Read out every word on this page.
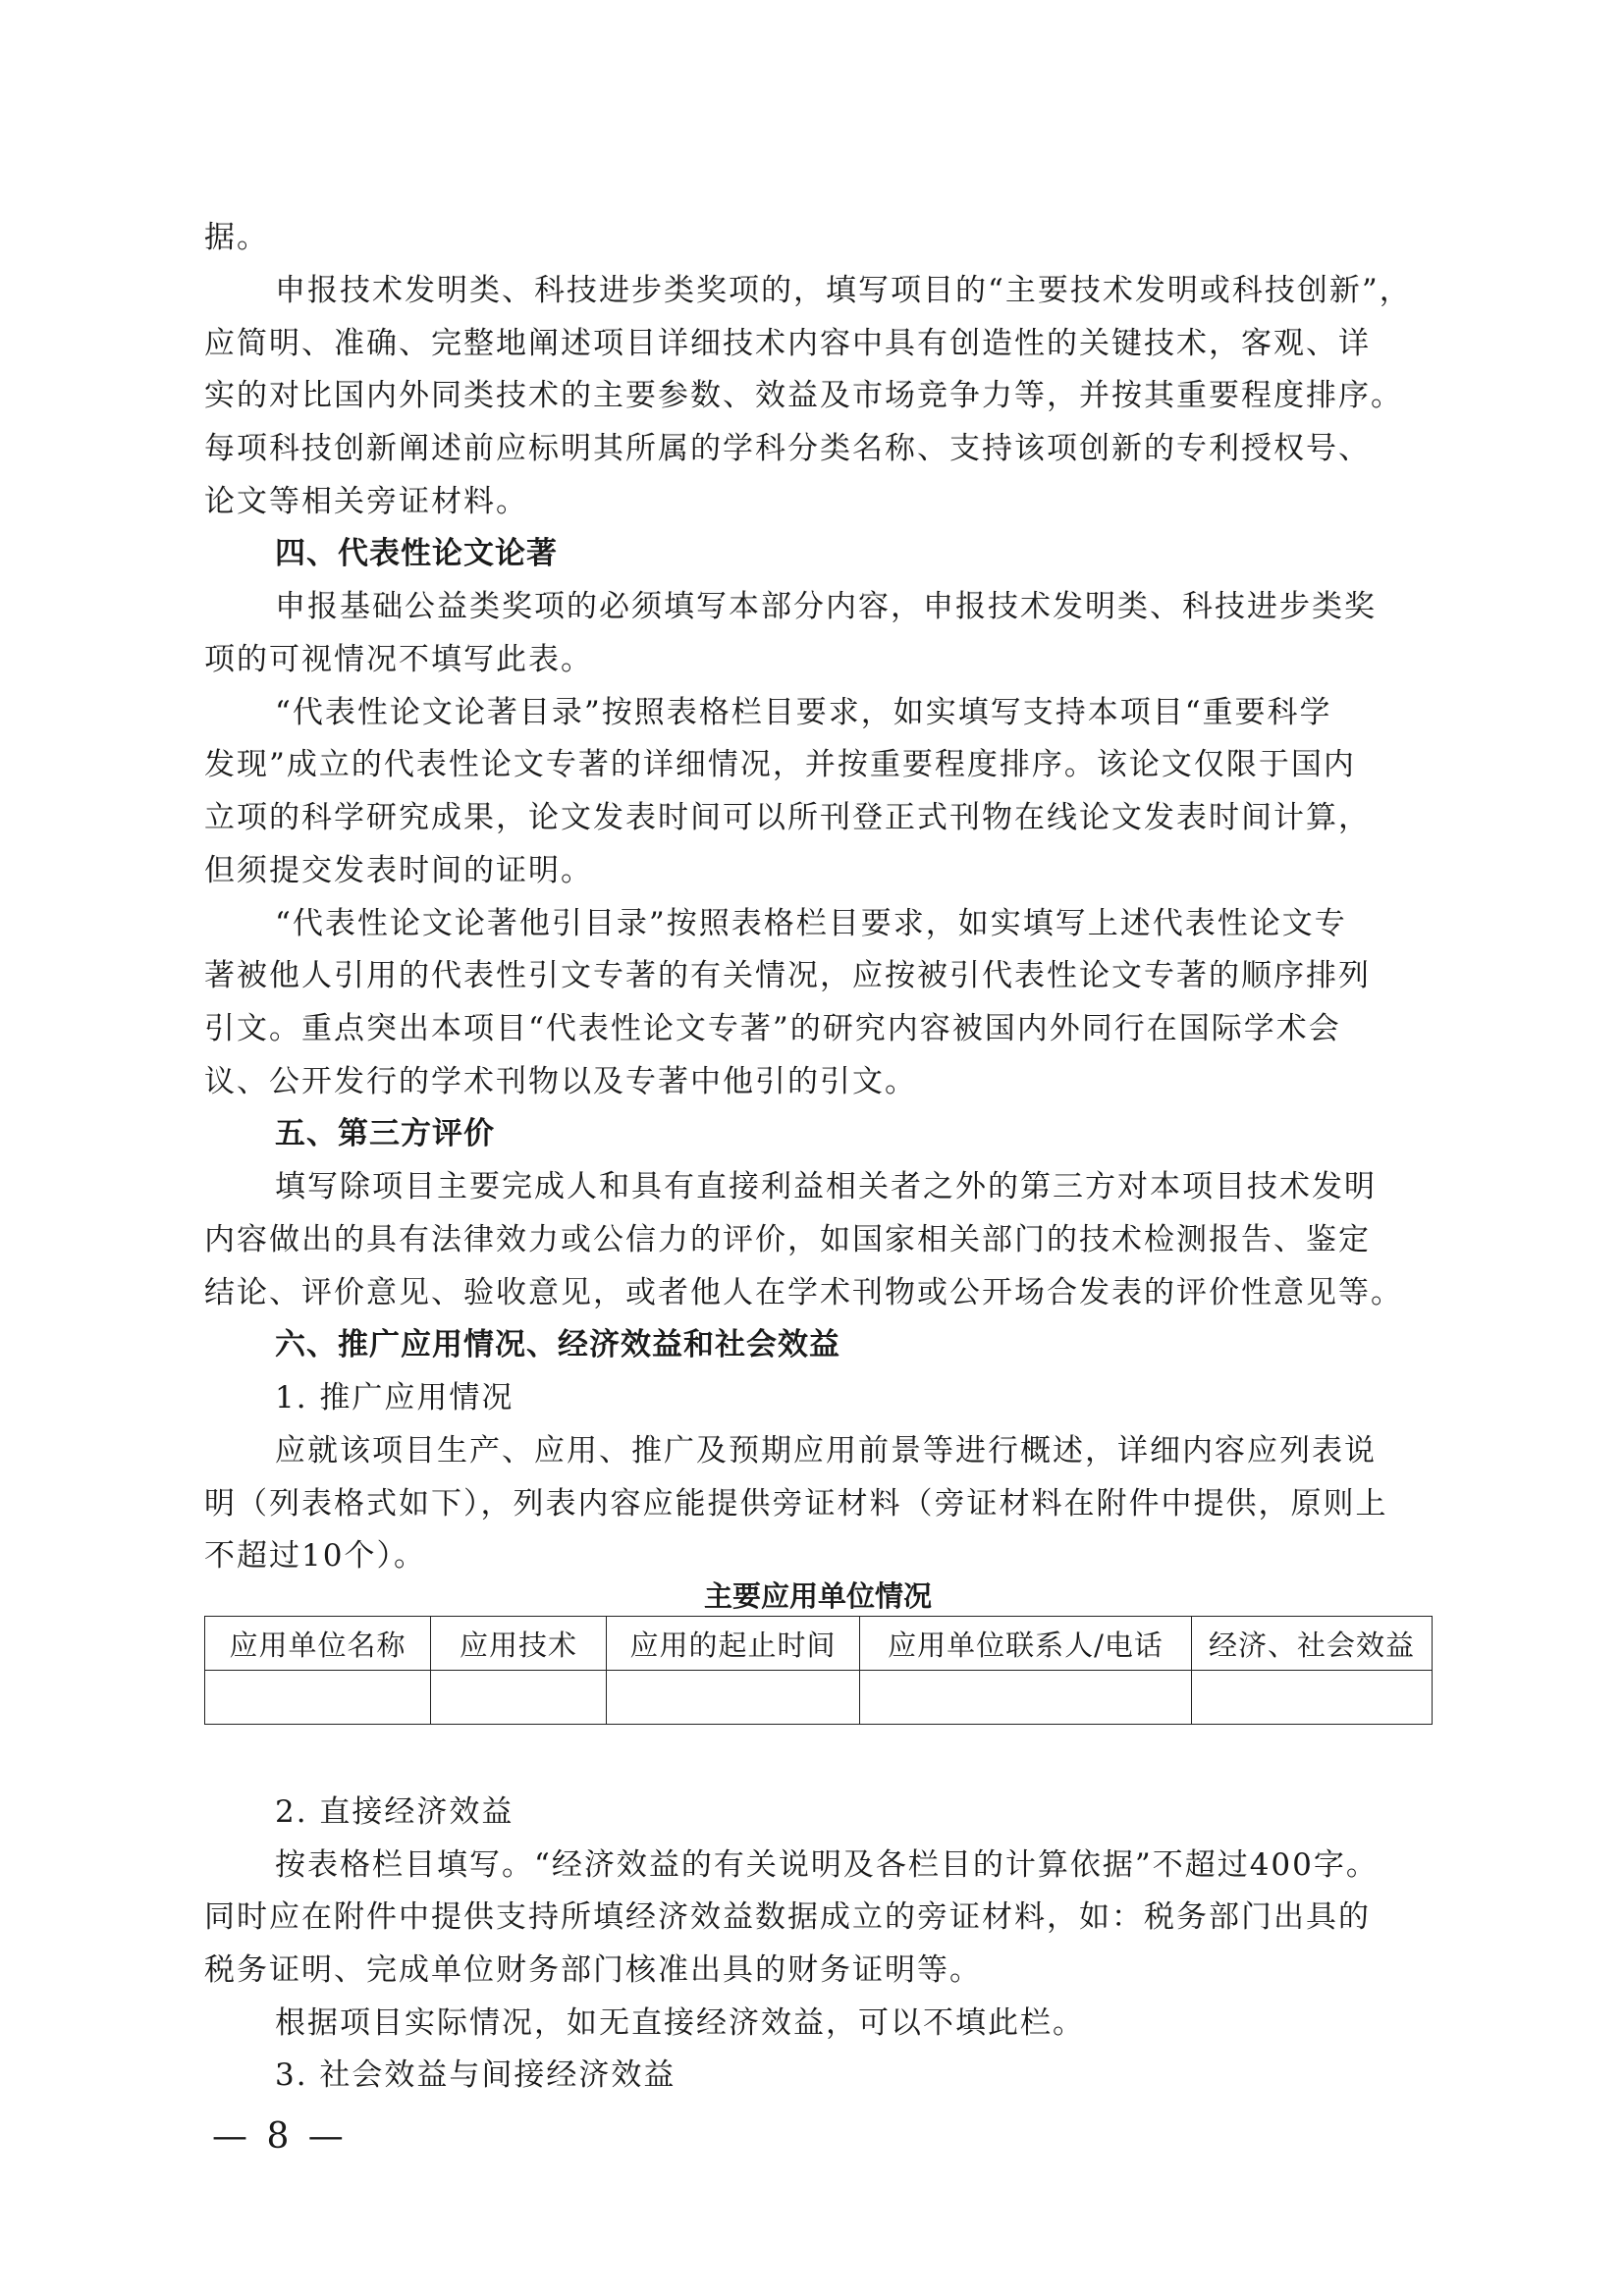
据。
申报技术发明类、科技进步类奖项的，填写项目的“主要技术发明或科技创新”，
应简明、准确、完整地阐述项目详细技术内容中具有创造性的关键技术，客观、详
实的对比国内外同类技术的主要参数、效益及市场竞争力等，并按其重要程度排序。
每项科技创新阐述前应标明其所属的学科分类名称、支持该项创新的专利授权号、
论文等相关旁证材料。
四、代表性论文论著
申报基础公益类奖项的必须填写本部分内容，申报技术发明类、科技进步类奖
项的可视情况不填写此表。
“代表性论文论著目录”按照表格栏目要求，如实填写支持本项目“重要科学
发现”成立的代表性论文专著的详细情况，并按重要程度排序。该论文仅限于国内
立项的科学研究成果，论文发表时间可以所刊登正式刊物在线论文发表时间计算，
但须提交发表时间的证明。
“代表性论文论著他引目录”按照表格栏目要求，如实填写上述代表性论文专
著被他人引用的代表性引文专著的有关情况，应按被引代表性论文专著的顺序排列
引文。重点突出本项目“代表性论文专著”的研究内容被国内外同行在国际学术会
议、公开发行的学术刊物以及专著中他引的引文。
五、第三方评价
填写除项目主要完成人和具有直接利益相关者之外的第三方对本项目技术发明
内容做出的具有法律效力或公信力的评价，如国家相关部门的技术检测报告、鉴定
结论、评价意见、验收意见，或者他人在学术刊物或公开场合发表的评价性意见等。
六、推广应用情况、经济效益和社会效益
1. 推广应用情况
应就该项目生产、应用、推广及预期应用前景等进行概述，详细内容应列表说
明（列表格式如下），列表内容应能提供旁证材料（旁证材料在附件中提供，原则上
不超过10个）。
主要应用单位情况
应用单位名称	应用技术	应用的起止时间	应用单位联系人/电话	经济、社会效益

2. 直接经济效益
按表格栏目填写。“经济效益的有关说明及各栏目的计算依据”不超过400字。
同时应在附件中提供支持所填经济效益数据成立的旁证材料，如：税务部门出具的
税务证明、完成单位财务部门核准出具的财务证明等。
根据项目实际情况，如无直接经济效益，可以不填此栏。
3. 社会效益与间接经济效益
— 8 —
